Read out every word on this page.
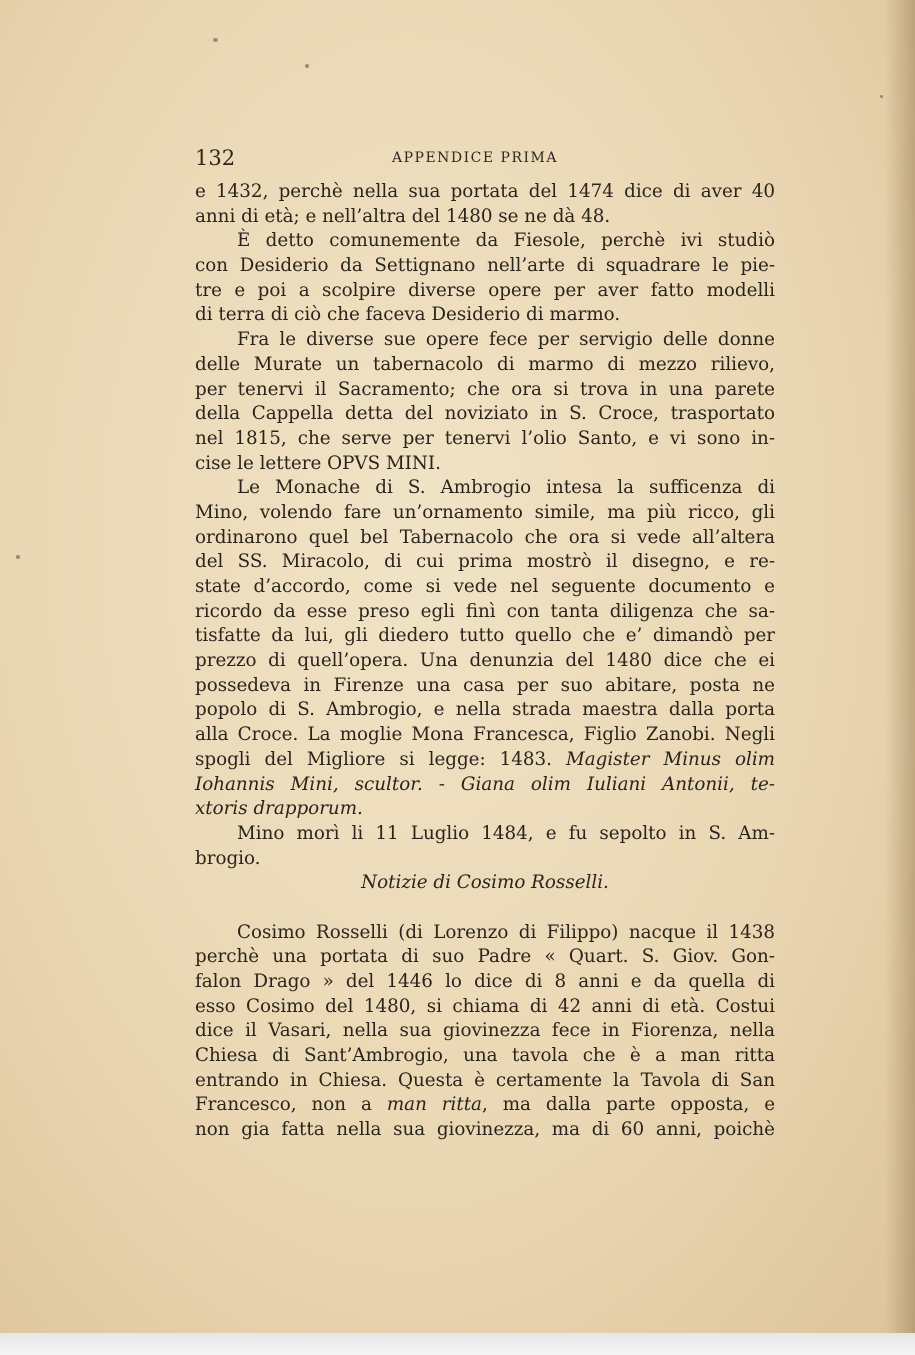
132	APPENDICE PRIMA
e 1432, perchè nella sua portata del 1474 dice di aver 40
anni di età; e nell’altra del 1480 se ne dà 48.
È detto comunemente da Fiesole, perchè ivi studiò
con Desiderio da Settignano nell’arte di squadrare le pie-
tre e poi a scolpire diverse opere per aver fatto modelli
di terra di ciò che faceva Desiderio di marmo.
Fra le diverse sue opere fece per servigio delle donne
delle Murate un tabernacolo di marmo di mezzo rilievo,
per tenervi il Sacramento; che ora si trova in una parete
della Cappella detta del noviziato in S. Croce, trasportato
nel 1815, che serve per tenervi l’olio Santo, e vi sono in-
cise le lettere OPVS MINI.
Le Monache di S. Ambrogio intesa la sufficenza di
Mino, volendo fare un’ornamento simile, ma più ricco, gli
ordinarono quel bel Tabernacolo che ora si vede all’altera
del SS. Miracolo, di cui prima mostrò il disegno, e re-
state d’accordo, come si vede nel seguente documento e
ricordo da esse preso egli finì con tanta diligenza che sa-
tisfatte da lui, gli diedero tutto quello che e’ dimandò per
prezzo di quell’opera. Una denunzia del 1480 dice che ei
possedeva in Firenze una casa per suo abitare, posta ne
popolo di S. Ambrogio, e nella strada maestra dalla porta
alla Croce. La moglie Mona Francesca, Figlio Zanobi. Negli
spogli del Migliore si legge: 1483. Magister Minus olim
Iohannis Mini, scultor. - Giana olim Iuliani Antonii, te-
xtoris drapporum.
Mino morì li 11 Luglio 1484, e fu sepolto in S. Am-
brogio.
Notizie di Cosimo Rosselli.
Cosimo Rosselli (di Lorenzo di Filippo) nacque il 1438
perchè una portata di suo Padre « Quart. S. Giov. Gon-
falon Drago » del 1446 lo dice di 8 anni e da quella di
esso Cosimo del 1480, si chiama di 42 anni di età. Costui
dice il Vasari, nella sua giovinezza fece in Fiorenza, nella
Chiesa di Sant’Ambrogio, una tavola che è a man ritta
entrando in Chiesa. Questa è certamente la Tavola di San
Francesco, non a man ritta, ma dalla parte opposta, e
non gia fatta nella sua giovinezza, ma di 60 anni, poichè
